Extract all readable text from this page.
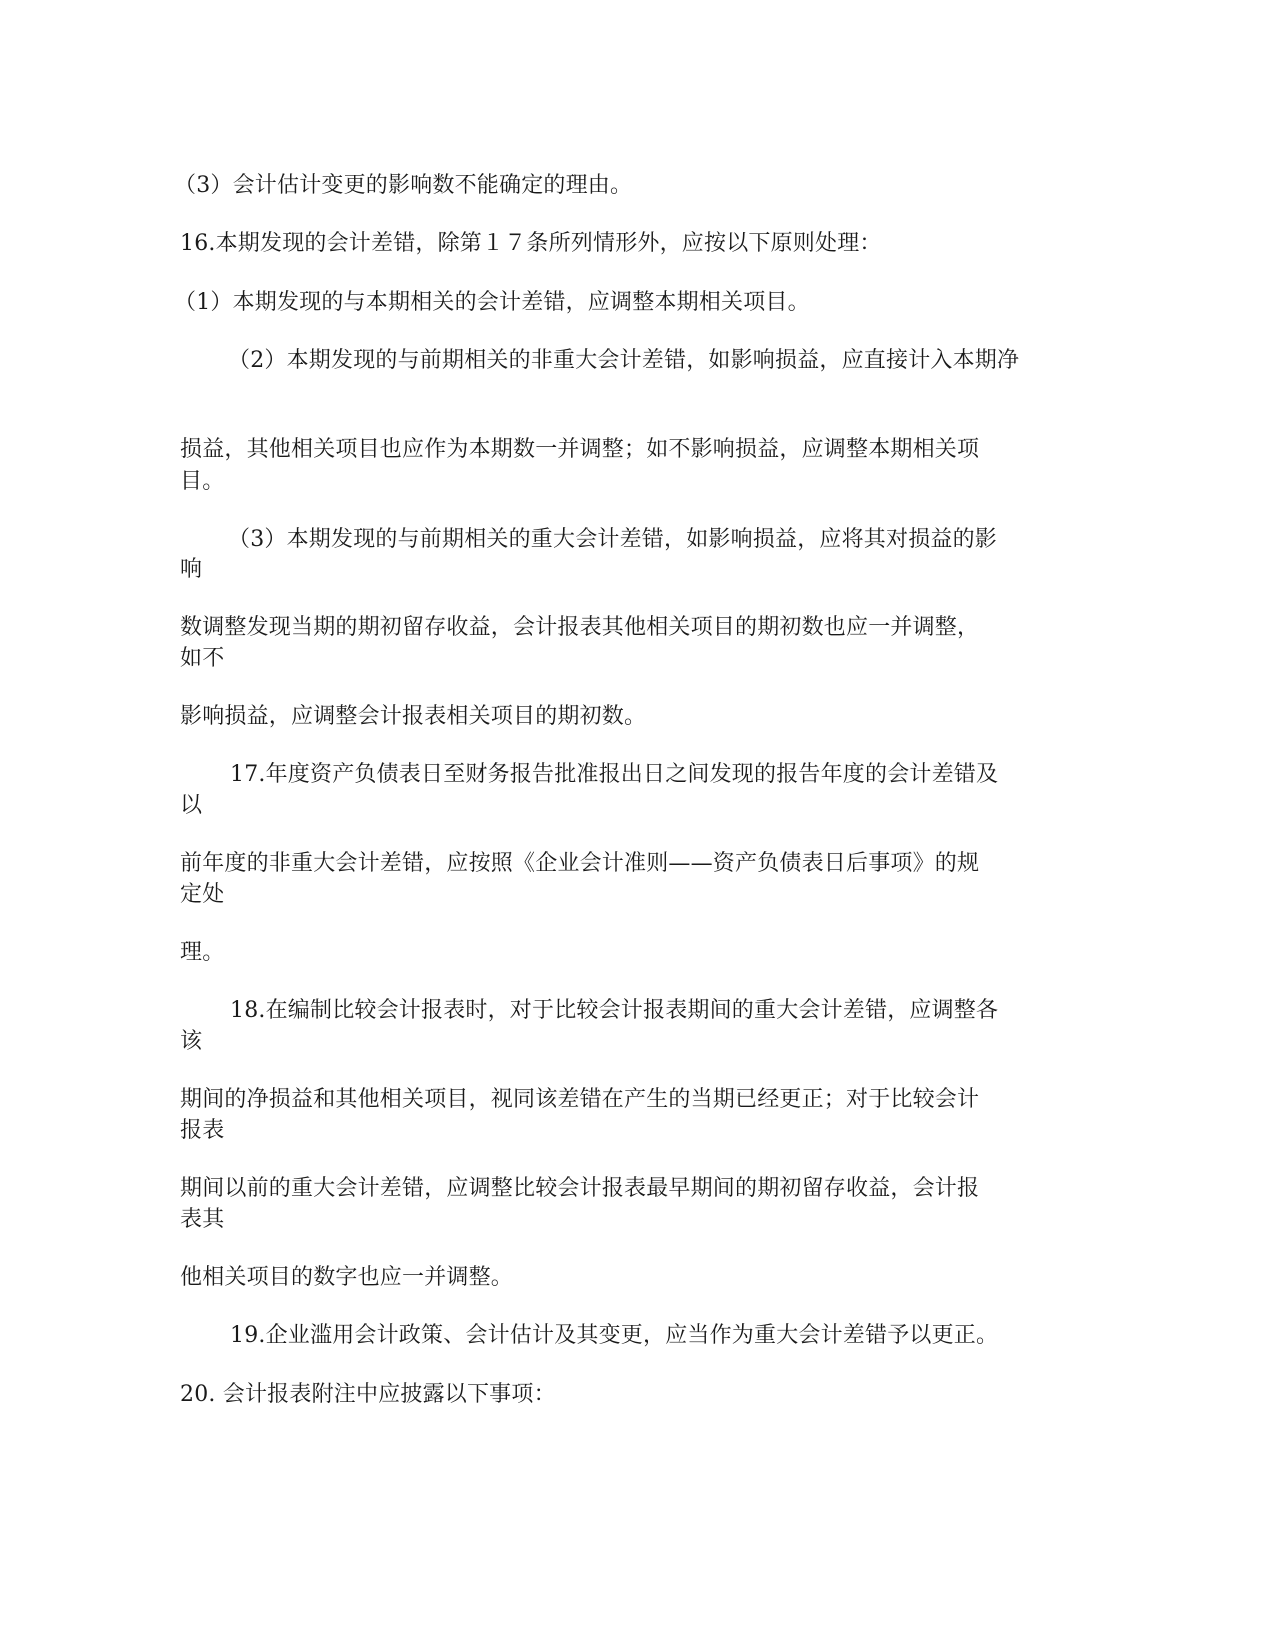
（3）会计估计变更的影响数不能确定的理由。
16.本期发现的会计差错，除第１７条所列情形外，应按以下原则处理：
（1）本期发现的与本期相关的会计差错，应调整本期相关项目。
（2）本期发现的与前期相关的非重大会计差错，如影响损益，应直接计入本期净
损益，其他相关项目也应作为本期数一并调整；如不影响损益，应调整本期相关项
目。
（3）本期发现的与前期相关的重大会计差错，如影响损益，应将其对损益的影
响
数调整发现当期的期初留存收益，会计报表其他相关项目的期初数也应一并调整，
如不
影响损益，应调整会计报表相关项目的期初数。
17.年度资产负债表日至财务报告批准报出日之间发现的报告年度的会计差错及
以
前年度的非重大会计差错，应按照《企业会计准则——资产负债表日后事项》的规
定处
理。
18.在编制比较会计报表时，对于比较会计报表期间的重大会计差错，应调整各
该
期间的净损益和其他相关项目，视同该差错在产生的当期已经更正；对于比较会计
报表
期间以前的重大会计差错，应调整比较会计报表最早期间的期初留存收益，会计报
表其
他相关项目的数字也应一并调整。
19.企业滥用会计政策、会计估计及其变更，应当作为重大会计差错予以更正。
20. 会计报表附注中应披露以下事项：
